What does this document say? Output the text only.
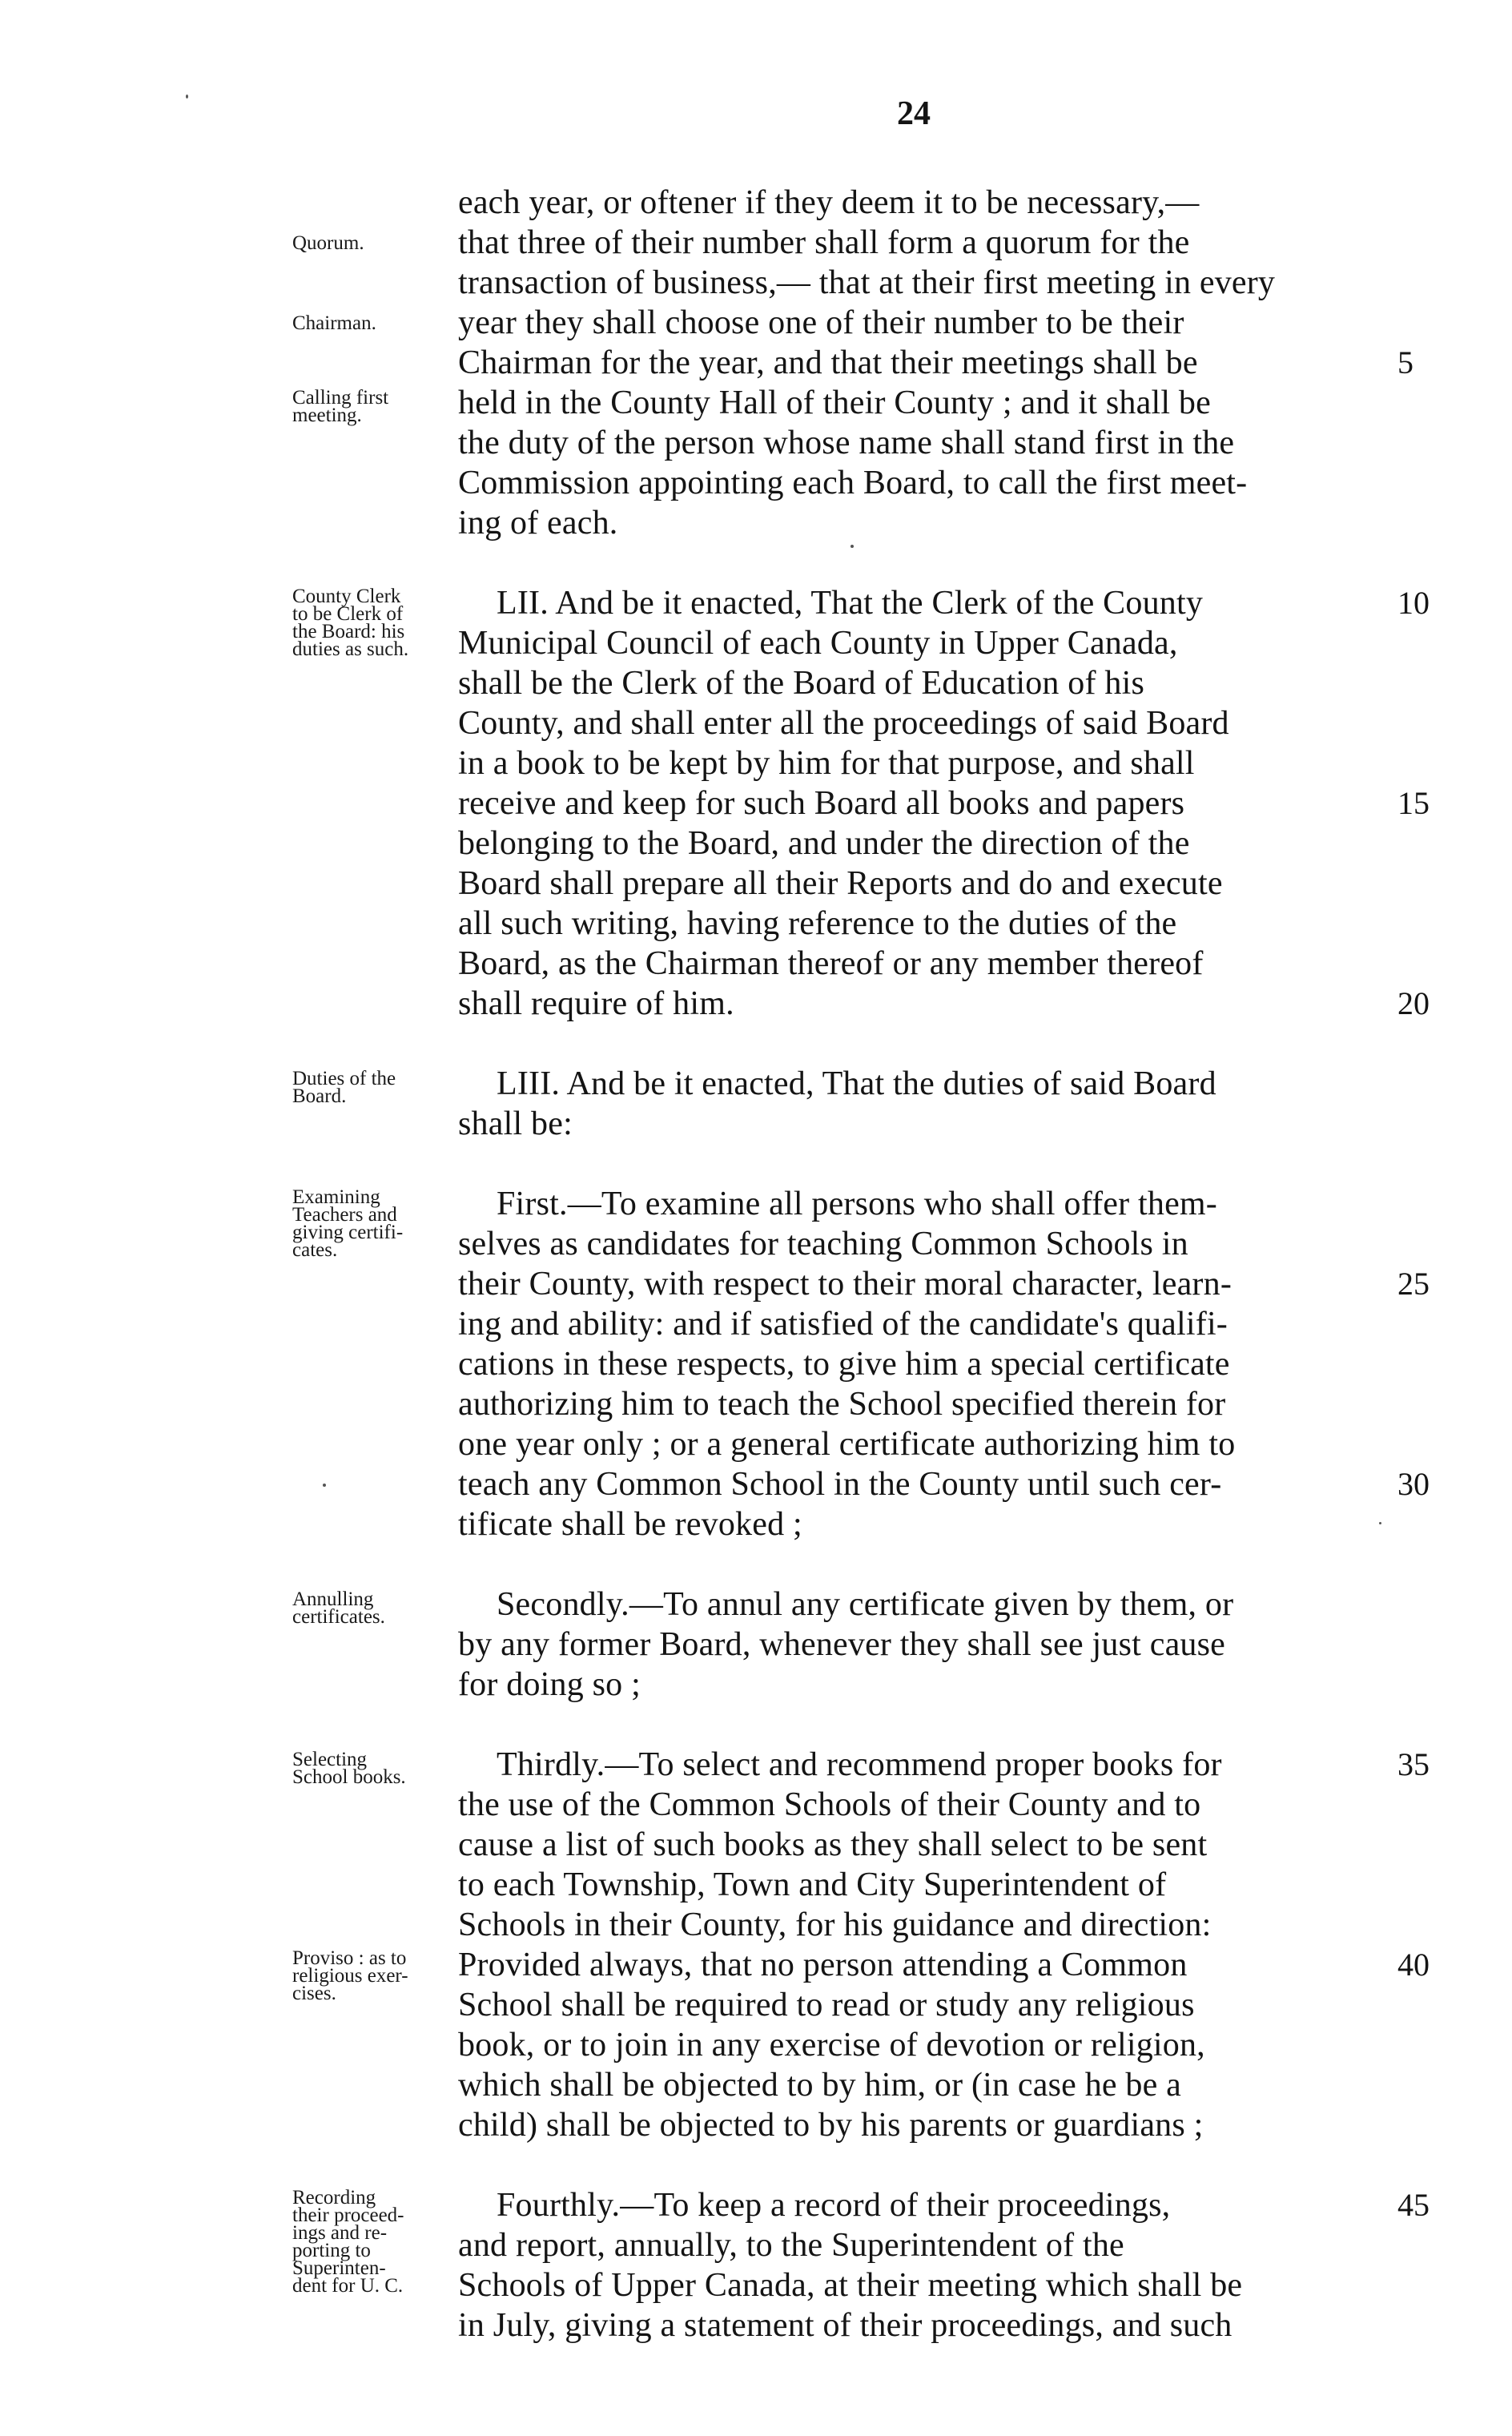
24
each year, or oftener if they deem it to be necessary,—
that three of their number shall form a quorum for the
transaction of business,— that at their first meeting in every
year they shall choose one of their number to be their
Chairman for the year, and that their meetings shall be
held in the County Hall of their County ; and it shall be
the duty of the person whose name shall stand first in the
Commission appointing each Board, to call the first meet-
ing of each.
LII. And be it enacted, That the Clerk of the County
Municipal Council of each County in Upper Canada,
shall be the Clerk of the Board of Education of his
County, and shall enter all the proceedings of said Board
in a book to be kept by him for that purpose, and shall
receive and keep for such Board all books and papers
belonging to the Board, and under the direction of the
Board shall prepare all their Reports and do and execute
all such writing, having reference to the duties of the
Board, as the Chairman thereof or any member thereof
shall require of him.
LIII. And be it enacted, That the duties of said Board
shall be:
First.—To examine all persons who shall offer them-
selves as candidates for teaching Common Schools in
their County, with respect to their moral character, learn-
ing and ability: and if satisfied of the candidate's qualifi-
cations in these respects, to give him a special certificate
authorizing him to teach the School specified therein for
one year only ; or a general certificate authorizing him to
teach any Common School in the County until such cer-
tificate shall be revoked ;
Secondly.—To annul any certificate given by them, or
by any former Board, whenever they shall see just cause
for doing so ;
Thirdly.—To select and recommend proper books for
the use of the Common Schools of their County and to
cause a list of such books as they shall select to be sent
to each Township, Town and City Superintendent of
Schools in their County, for his guidance and direction:
Provided always, that no person attending a Common
School shall be required to read or study any religious
book, or to join in any exercise of devotion or religion,
which shall be objected to by him, or (in case he be a
child) shall be objected to by his parents or guardians ;
Fourthly.—To keep a record of their proceedings,
and report, annually, to the Superintendent of the
Schools of Upper Canada, at their meeting which shall be
in July, giving a statement of their proceedings, and such
5
10
15
20
25
30
35
40
45
Quorum.
Chairman.
Calling first
meeting.
County Clerk
to be Clerk of
the Board: his
duties as such.
Duties of the
Board.
Examining
Teachers and
giving certifi-
cates.
Annulling
certificates.
Selecting
School books.
Proviso : as to
religious exer-
cises.
Recording
their proceed-
ings and re-
porting to
Superinten-
dent for U. C.
